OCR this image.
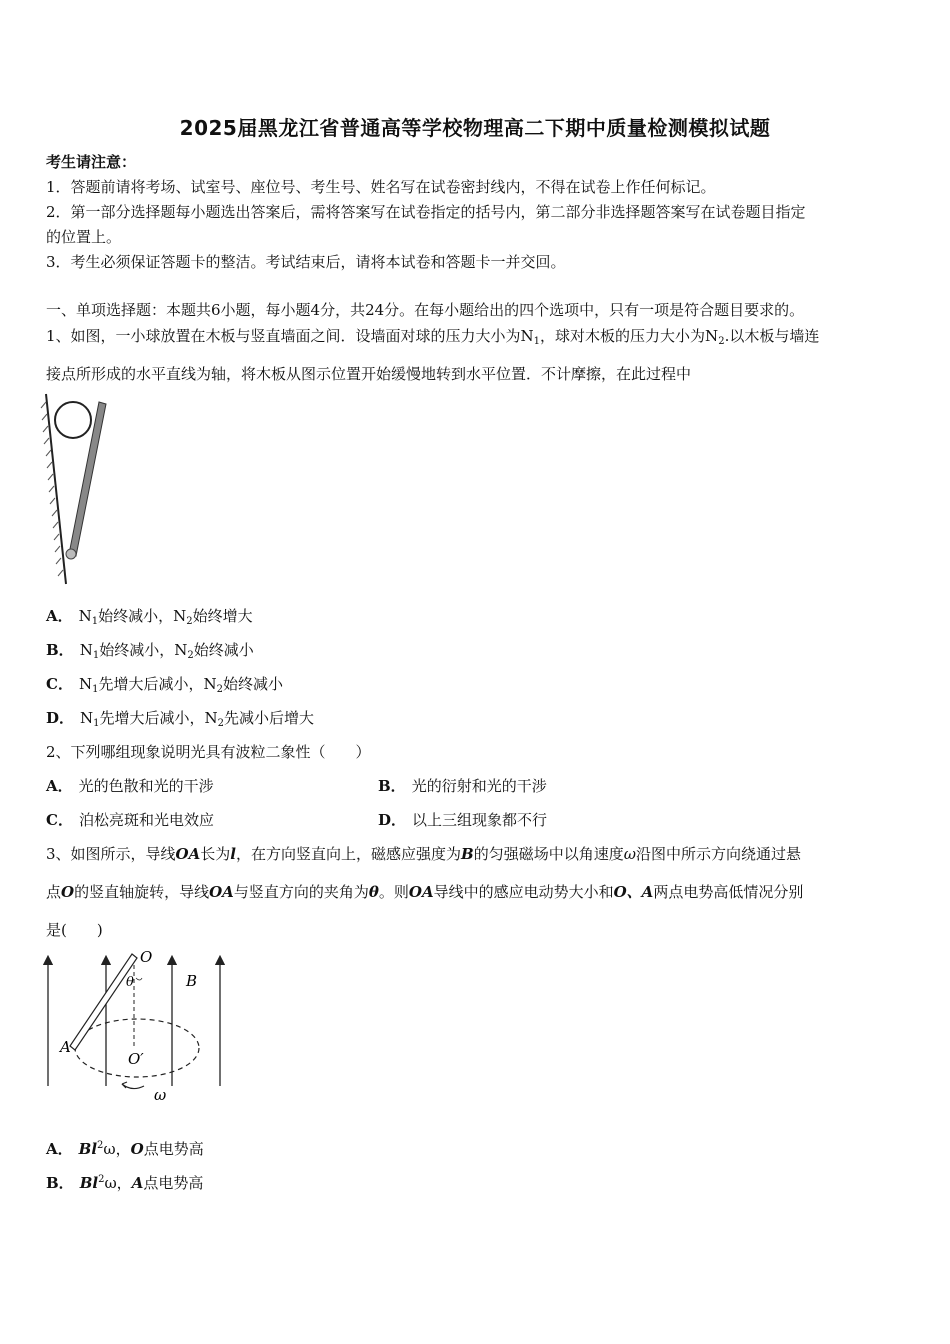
2025届黑龙江省普通高等学校物理高二下期中质量检测模拟试题
考生请注意：
1．答题前请将考场、试室号、座位号、考生号、姓名写在试卷密封线内，不得在试卷上作任何标记。
2．第一部分选择题每小题选出答案后，需将答案写在试卷指定的括号内，第二部分非选择题答案写在试卷题目指定
的位置上。
3．考生必须保证答题卡的整洁。考试结束后，请将本试卷和答题卡一并交回。
一、单项选择题：本题共6小题，每小题4分，共24分。在每小题给出的四个选项中，只有一项是符合题目要求的。
1、如图，一小球放置在木板与竖直墙面之间．设墙面对球的压力大小为$N_1$，球对木板的压力大小为$N_2$.以木板与墙连
接点所形成的水平直线为轴，将木板从图示位置开始缓慢地转到水平位置．不计摩擦，在此过程中
A． $N_1$始终减小，$N_2$始终增大
B． $N_1$始终减小，$N_2$始终减小
C． $N_1$先增大后减小，$N_2$始终减小
D． $N_1$先增大后减小，$N_2$先减小后增大
2、下列哪组现象说明光具有波粒二象性（　　）
A． 光的色散和光的干涉	B． 光的衍射和光的干涉
C． 泊松亮斑和光电效应	D． 以上三组现象都不行
3、如图所示，导线OA长为l，在方向竖直向上，磁感应强度为B的匀强磁场中以角速度ω沿图中所示方向绕通过悬
点O的竖直轴旋转，导线OA与竖直方向的夹角为θ。则OA导线中的感应电动势大小和O、A两点电势高低情况分别
是(　　)
O
θ	B
A
O′
ω
A． Bl$^2$ω，O点电势高
B． Bl$^2$ω，A点电势高
